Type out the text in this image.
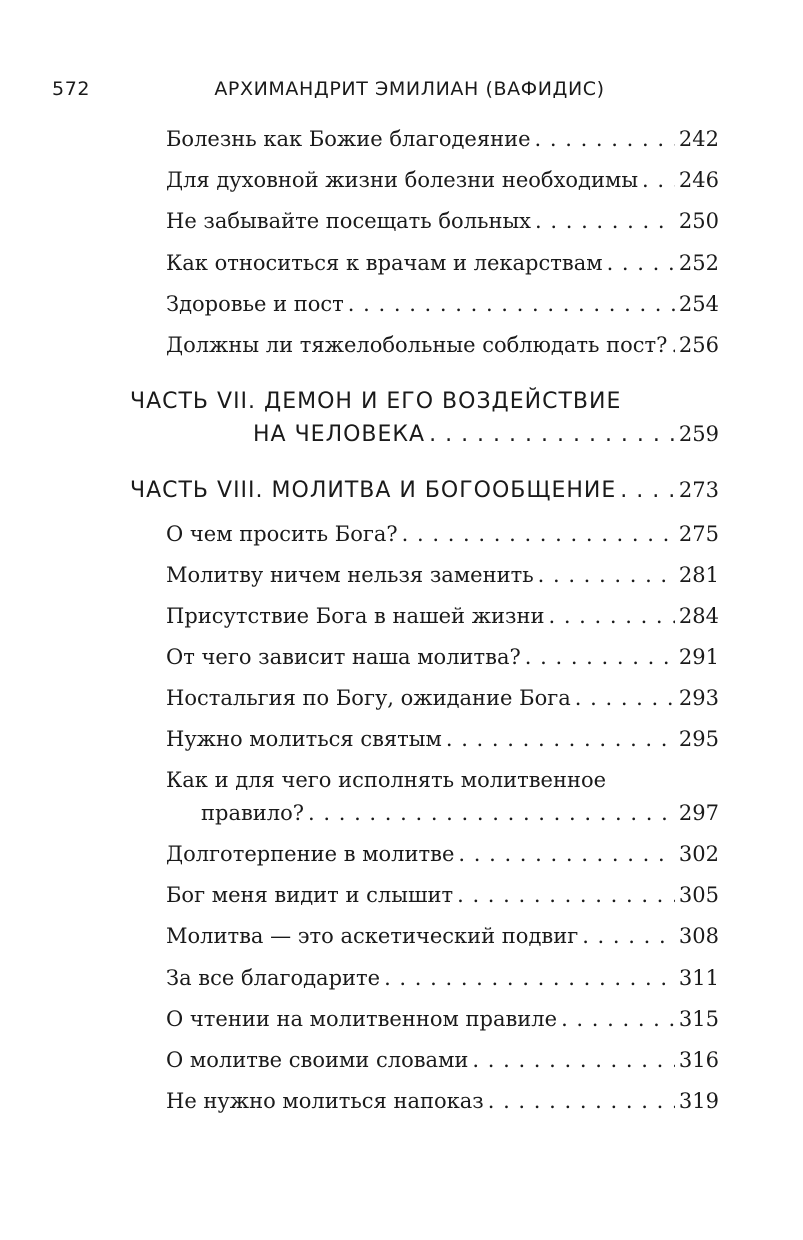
572	АРХИМАНДРИТ ЭМИЛИАН (ВАФИДИС)
Болезнь как Божие благодеяние . . .	242
Для духовной жизни болезни необходимы . . . 246
Не забывайте посещать больных . . .	250
Как относиться к врачам и лекарствам . . .	252
Здоровье и пост . . .	254
Должны ли тяжелобольные соблюдать пост? . . . 256
ЧАСТЬ VII. ДЕМОН И ЕГО ВОЗДЕЙСТВИЕ
НА ЧЕЛОВЕКА . . .	259
ЧАСТЬ VIII. МОЛИТВА И БОГООБЩЕНИЕ . . .	273
О чем просить Бога? . . .	275
Молитву ничем нельзя заменить . . .	281
Присутствие Бога в нашей жизни . . .	284
От чего зависит наша молитва? . . .	291
Ностальгия по Богу, ожидание Бога . . .	293
Нужно молиться святым . . .	295
Как и для чего исполнять молитвенное
правило? . . .	297
Долготерпение в молитве . . .	302
Бог меня видит и слышит . . .	305
Молитва — это аскетический подвиг . . .	308
За все благодарите . . .	311
О чтении на молитвенном правиле . . .	315
О молитве своими словами . . .	316
Не нужно молиться напоказ . . .	319
